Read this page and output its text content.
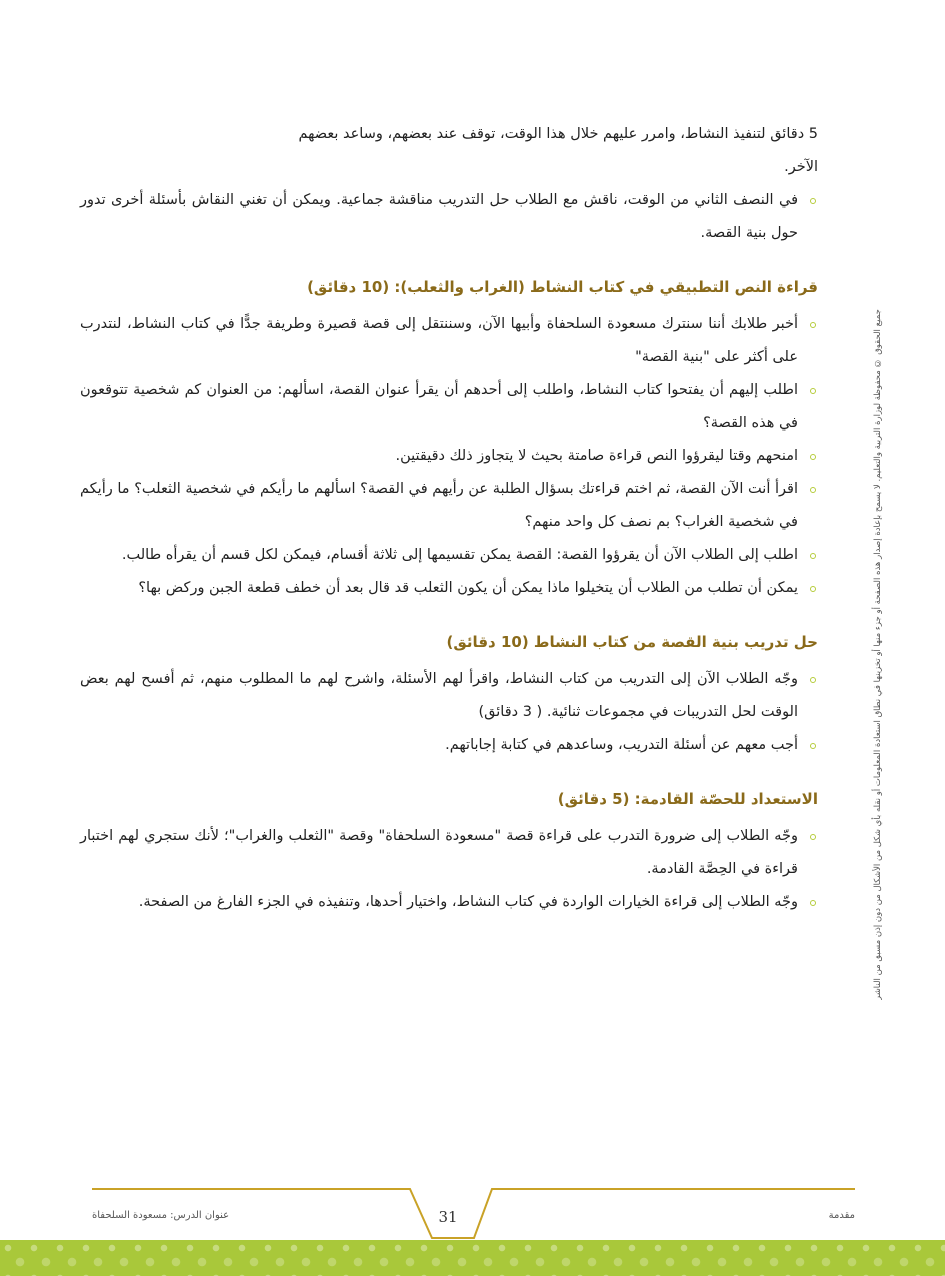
جميع الحقوق © محفوظة لوزارة التربية والتعليم. لا يسمح بإعادة إصدار هذه الصفحة أو جزء منها أو تخزينها في نطاق استعادة المعلومات أو نقله بأي شكل من الأشكال من دون إذن مسبق من الناشر

5 دقائق لتنفيذ النشاط، وامرر عليهم خلال هذا الوقت، توقف عند بعضهم، وساعد بعضهم

الآخر.

في النصف الثاني من الوقت، ناقش مع الطلاب حل التدريب مناقشة جماعية. ويمكن أن تغني النقاش بأسئلة أخرى تدور حول بنية القصة.
قراءة النص التطبيقي في كتاب النشاط (الغراب والثعلب): (10 دقائق)
أخبر طلابك أننا سنترك مسعودة السلحفاة وأبيها الآن، وسننتقل إلى قصة قصيرة وطريفة جدًّا في كتاب النشاط، لنتدرب على أكثر على "بنية القصة"
اطلب إليهم أن يفتحوا كتاب النشاط، واطلب إلى أحدهم أن يقرأ عنوان القصة، اسألهم: من العنوان كم شخصية تتوقعون في هذه القصة؟
امنحهم وقتا ليقرؤوا النص قراءة صامتة بحيث لا يتجاوز ذلك دقيقتين.
اقرأ أنت الآن القصة، ثم اختم قراءتك بسؤال الطلبة عن رأيهم في القصة؟ اسألهم ما رأيكم في شخصية الثعلب؟ ما رأيكم في شخصية الغراب؟ بم نصف كل واحد منهم؟
اطلب إلى الطلاب الآن أن يقرؤوا القصة: القصة يمكن تقسيمها إلى ثلاثة أقسام، فيمكن لكل قسم أن يقرأه طالب.
يمكن أن تطلب من الطلاب أن يتخيلوا ماذا يمكن أن يكون الثعلب قد قال بعد أن خطف قطعة الجبن وركض بها؟
حل تدريب بنية القصة من كتاب النشاط (10 دقائق)
وجّه الطلاب الآن إلى التدريب من كتاب النشاط، واقرأ لهم الأسئلة، واشرح لهم ما المطلوب منهم، ثم أفسح لهم بعض الوقت لحل التدريبات في مجموعات ثنائية. ( 3 دقائق)
أجب معهم عن أسئلة التدريب، وساعدهم في كتابة إجاباتهم.
الاستعداد للحصّة القادمة: (5 دقائق)
وجّه الطلاب إلى ضرورة التدرب على قراءة قصة "مسعودة السلحفاة" وقصة "الثعلب والغراب"؛ لأنك ستجري لهم اختبار قراءة في الحِصَّة القادمة.
وجّه الطلاب إلى قراءة الخيارات الواردة في كتاب النشاط، واختيار أحدها، وتنفيذه في الجزء الفارغ من الصفحة.
عنوان الدرس: مسعودة السلحفاة	31	مقدمة
